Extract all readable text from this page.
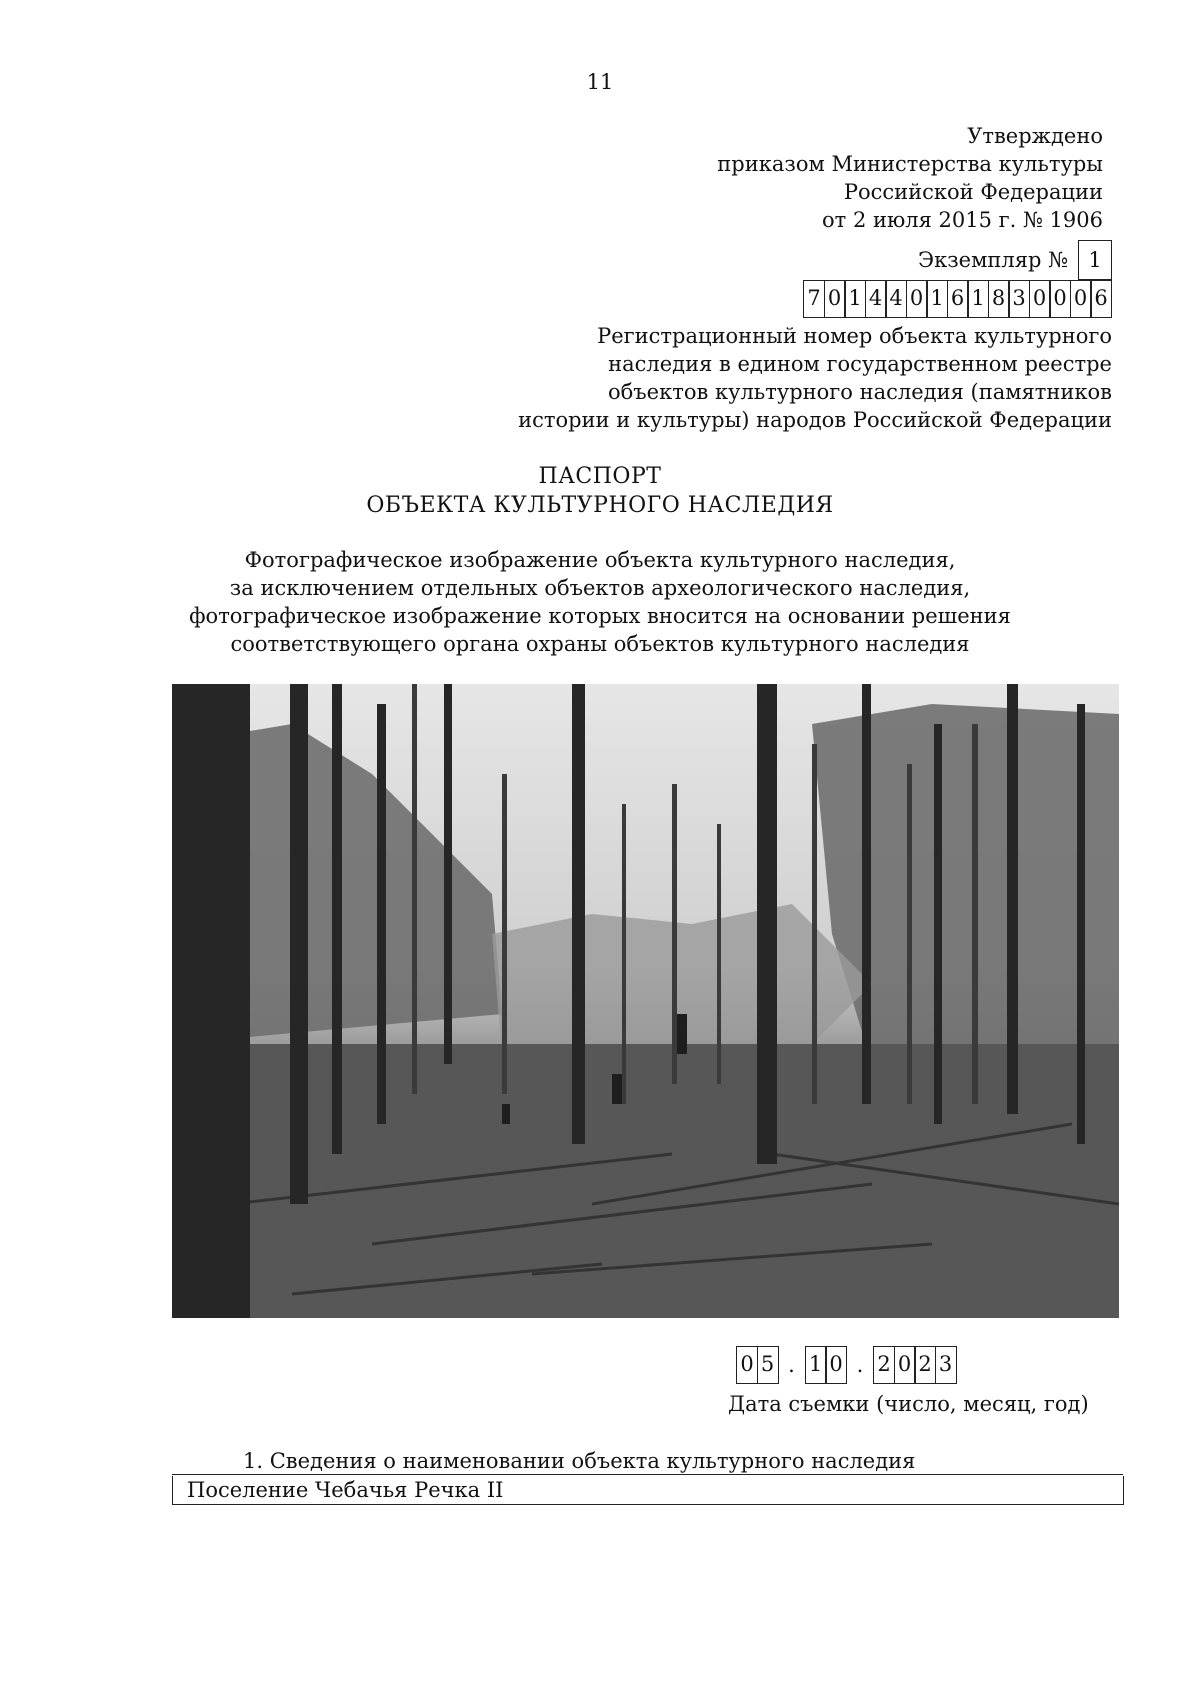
11
Утверждено
приказом Министерства культуры
Российской Федерации
от 2 июля 2015 г. № 1906
Экземпляр № 1
7 0 1 4 4 0 1 6 1 8 3 0 0 0 6
Регистрационный номер объекта культурного
наследия в едином государственном реестре
объектов культурного наследия (памятников
истории и культуры) народов Российской Федерации
ПАСПОРТ
ОБЪЕКТА КУЛЬТУРНОГО НАСЛЕДИЯ
Фотографическое изображение объекта культурного наследия,
за исключением отдельных объектов археологического наследия,
фотографическое изображение которых вносится на основании решения
соответствующего органа охраны объектов культурного наследия
0 5 . 1 0 . 2 0 2 3
Дата съемки (число, месяц, год)
1. Сведения о наименовании объекта культурного наследия
Поселение Чебачья Речка II
